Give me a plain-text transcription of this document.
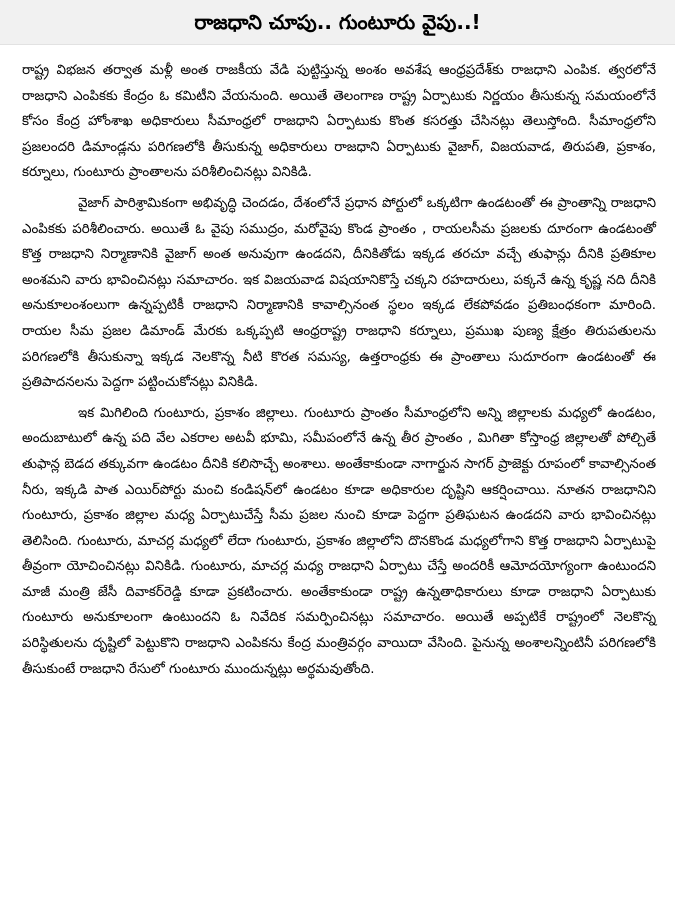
రాజధాని చూపు.. గుంటూరు వైపు..!

రాష్ట్ర విభజన తర్వాత మళ్లీ అంత రాజకీయ వేడి పుట్టిస్తున్న అంశం అవశేష ఆంధ్రప్రదేశ్‌కు రాజధాని ఎంపిక. త్వరలోనే రాజధాని ఎంపికకు కేంద్రం ఓ కమిటీని వేయనుంది. అయితే తెలంగాణ రాష్ట్ర ఏర్పాటుకు నిర్ణయం తీసుకున్న సమయంలోనే కోసం కేంద్ర హోంశాఖ అధికారులు సీమాంధ్రలో రాజధాని ఏర్పాటుకు కొంత కసరత్తు చేసినట్లు తెలుస్తోంది. సీమాంధ్రలోని ప్రజలందరి డిమాండ్లను పరిగణలోకి తీసుకున్న అధికారులు రాజధాని ఏర్పాటుకు వైజాగ్, విజయవాడ, తిరుపతి, ప్రకాశం, కర్నూలు, గుంటూరు ప్రాంతాలను పరిశీలించినట్లు వినికిడి.

వైజాగ్ పారిశ్రామికంగా అభివృద్ధి చెందడం, దేశంలోనే ప్రధాన పోర్టులో ఒక్కటిగా ఉండటంతో ఈ ప్రాంతాన్ని రాజధాని ఎంపికకు పరిశీలించారు. అయితే ఓ వైపు సముద్రం, మరోవైపు కొండ ప్రాంతం , రాయలసీమ ప్రజలకు దూరంగా ఉండటంతో కొత్త రాజధాని నిర్మాణానికి వైజాగ్ అంత అనువుగా ఉండదని, దీనికితోడు ఇక్కడ తరచూ వచ్చే తుఫాన్లు దీనికి ప్రతికూల అంశమని వారు భావించినట్లు సమాచారం. ఇక విజయవాడ విషయానికొస్తే చక్కని రహదారులు, పక్కనే ఉన్న కృష్ణ నది దీనికి అనుకూలంశంలుగా ఉన్నప్పటికీ రాజధాని నిర్మాణానికి కావాల్సినంత స్థలం ఇక్కడ లేకపోవడం ప్రతిబంధకంగా మారింది. రాయల సీమ ప్రజల డిమాండ్ మేరకు ఒక్కప్పటి ఆంధ్రరాష్ట్ర రాజధాని కర్నూలు, ప్రముఖ పుణ్య క్షేత్రం తిరుపతులను పరిగణలోకి తీసుకున్నా ఇక్కడ నెలకొన్న నీటి కొరత సమస్య, ఉత్తరాంధ్రకు ఈ ప్రాంతాలు సుదూరంగా ఉండటంతో ఈ ప్రతిపాదనలను పెద్దగా పట్టించుకోనట్లు వినికిడి.

ఇక మిగిలింది గుంటూరు, ప్రకాశం జిల్లాలు. గుంటూరు ప్రాంతం సీమాంధ్రలోని అన్ని జిల్లాలకు మధ్యలో ఉండటం, అందుబాటులో ఉన్న పది వేల ఎకరాల అటవీ భూమి, సమీపంలోనే ఉన్న తీర ప్రాంతం , మిగితా కోస్తాంధ్ర జిల్లాలతో పోల్చితే తుఫాన్ల బెడద తక్కువగా ఉండటం దీనికి కలిసొచ్చే అంశాలు. అంతేకాకుండా నాగార్జున సాగర్ ప్రాజెక్టు రూపంలో కావాల్సినంత నీరు, ఇక్కడి పాత ఎయిర్‌పోర్టు మంచి కండిషన్‌లో ఉండటం కూడా అధికారుల దృష్టిని ఆకర్షించాయి. నూతన రాజధానిని గుంటూరు, ప్రకాశం జిల్లాల మధ్య ఏర్పాటుచేస్తే సీమ ప్రజల నుంచి కూడా పెద్దగా ప్రతిఘటన ఉండదని వారు భావించినట్లు తెలిసింది. గుంటూరు, మాచర్ల మధ్యలో లేదా గుంటూరు, ప్రకాశం జిల్లాలోని దొనకొండ మధ్యలోగాని కొత్త రాజధాని ఏర్పాటుపై తీవ్రంగా యోచించినట్లు వినికిడి. గుంటూరు, మాచర్ల మధ్య రాజధాని ఏర్పాటు చేస్తే అందరికీ ఆమోదయోగ్యంగా ఉంటుందని మాజీ మంత్రి జేసీ దివాకర్‌రెడ్డి కూడా ప్రకటించారు. అంతేకాకుండా రాష్ట్ర ఉన్నతాధికారులు కూడా రాజధాని ఏర్పాటుకు గుంటూరు అనుకూలంగా ఉంటుందని ఓ నివేదిక సమర్పించినట్లు సమాచారం. అయితే అప్పటికే రాష్ట్రంలో నెలకొన్న పరిస్థితులను దృష్టిలో పెట్టుకొని రాజధాని ఎంపికను కేంద్ర మంత్రివర్గం వాయిదా వేసింది. పైనున్న అంశాలన్నింటినీ పరిగణలోకి తీసుకుంటే రాజధాని రేసులో గుంటూరు ముందున్నట్లు అర్థమవుతోంది.
